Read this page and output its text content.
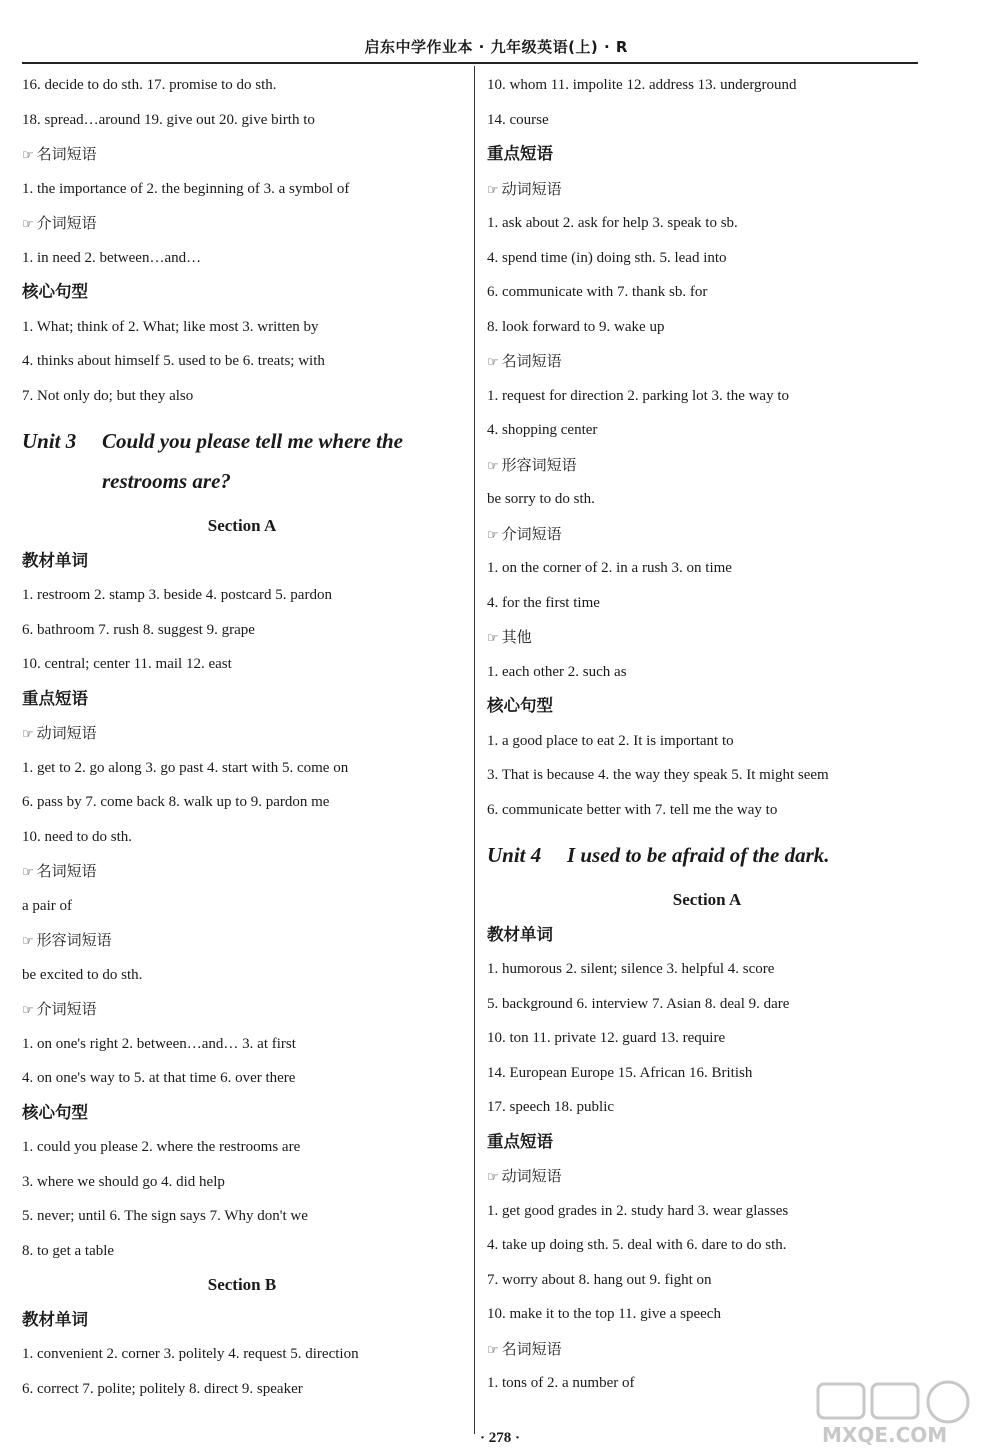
启东中学作业本 · 九年级英语(上) · R
16. decide to do sth. 17. promise to do sth.
18. spread…around 19. give out 20. give birth to
☞ 名词短语
1. the importance of 2. the beginning of 3. a symbol of
☞ 介词短语
1. in need 2. between…and…
核心句型
1. What; think of 2. What; like most 3. written by
4. thinks about himself 5. used to be 6. treats; with
7. Not only do; but they also
Unit 3 Could you please tell me where the
restrooms are?
Section A
教材单词
1. restroom 2. stamp 3. beside 4. postcard 5. pardon
6. bathroom 7. rush 8. suggest 9. grape
10. central; center 11. mail 12. east
重点短语
☞ 动词短语
1. get to 2. go along 3. go past 4. start with 5. come on
6. pass by 7. come back 8. walk up to 9. pardon me
10. need to do sth.
☞ 名词短语
a pair of
☞ 形容词短语
be excited to do sth.
☞ 介词短语
1. on one's right 2. between…and… 3. at first
4. on one's way to 5. at that time 6. over there
核心句型
1. could you please 2. where the restrooms are
3. where we should go 4. did help
5. never; until 6. The sign says 7. Why don't we
8. to get a table
Section B
教材单词
1. convenient 2. corner 3. politely 4. request 5. direction
6. correct 7. polite; politely 8. direct 9. speaker
10. whom 11. impolite 12. address 13. underground
14. course
重点短语
☞ 动词短语
1. ask about 2. ask for help 3. speak to sb.
4. spend time (in) doing sth. 5. lead into
6. communicate with 7. thank sb. for
8. look forward to 9. wake up
☞ 名词短语
1. request for direction 2. parking lot 3. the way to
4. shopping center
☞ 形容词短语
be sorry to do sth.
☞ 介词短语
1. on the corner of 2. in a rush 3. on time
4. for the first time
☞ 其他
1. each other 2. such as
核心句型
1. a good place to eat 2. It is important to
3. That is because 4. the way they speak 5. It might seem
6. communicate better with 7. tell me the way to
Unit 4 I used to be afraid of the dark.
Section A
教材单词
1. humorous 2. silent; silence 3. helpful 4. score
5. background 6. interview 7. Asian 8. deal 9. dare
10. ton 11. private 12. guard 13. require
14. European Europe 15. African 16. British
17. speech 18. public
重点短语
☞ 动词短语
1. get good grades in 2. study hard 3. wear glasses
4. take up doing sth. 5. deal with 6. dare to do sth.
7. worry about 8. hang out 9. fight on
10. make it to the top 11. give a speech
☞ 名词短语
1. tons of 2. a number of
· 278 ·	MXQE.COM
